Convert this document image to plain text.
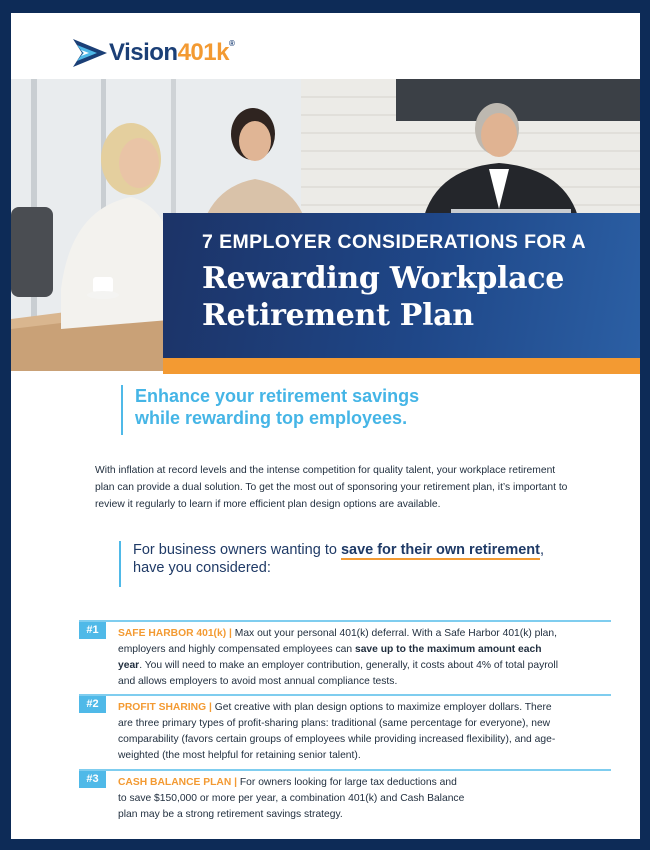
Vision401k®
7 EMPLOYER CONSIDERATIONS FOR A
Rewarding Workplace
Retirement Plan
Enhance your retirement savings
while rewarding top employees.

With inflation at record levels and the intense competition for quality talent, your workplace retirement plan can provide a dual solution. To get the most out of sponsoring your retirement plan, it’s important to review it regularly to learn if more efficient plan design options are available.

For business owners wanting to save for their own retirement,
have you considered:
#1	SAFE HARBOR 401(k) | Max out your personal 401(k) deferral. With a Safe Harbor 401(k) plan, employers and highly compensated employees can save up to the maximum amount each year. You will need to make an employer contribution, generally, it costs about 4% of total payroll and allows employers to avoid most annual compliance tests.
#2	PROFIT SHARING | Get creative with plan design options to maximize employer dollars. There are three primary types of profit-sharing plans: traditional (same percentage for everyone), new comparability (favors certain groups of employees while providing increased flexibility), and age-weighted (the most helpful for retaining senior talent).
#3	CASH BALANCE PLAN | For owners looking for large tax deductions and to save $150,000 or more per year, a combination 401(k) and Cash Balance plan may be a strong retirement savings strategy.
